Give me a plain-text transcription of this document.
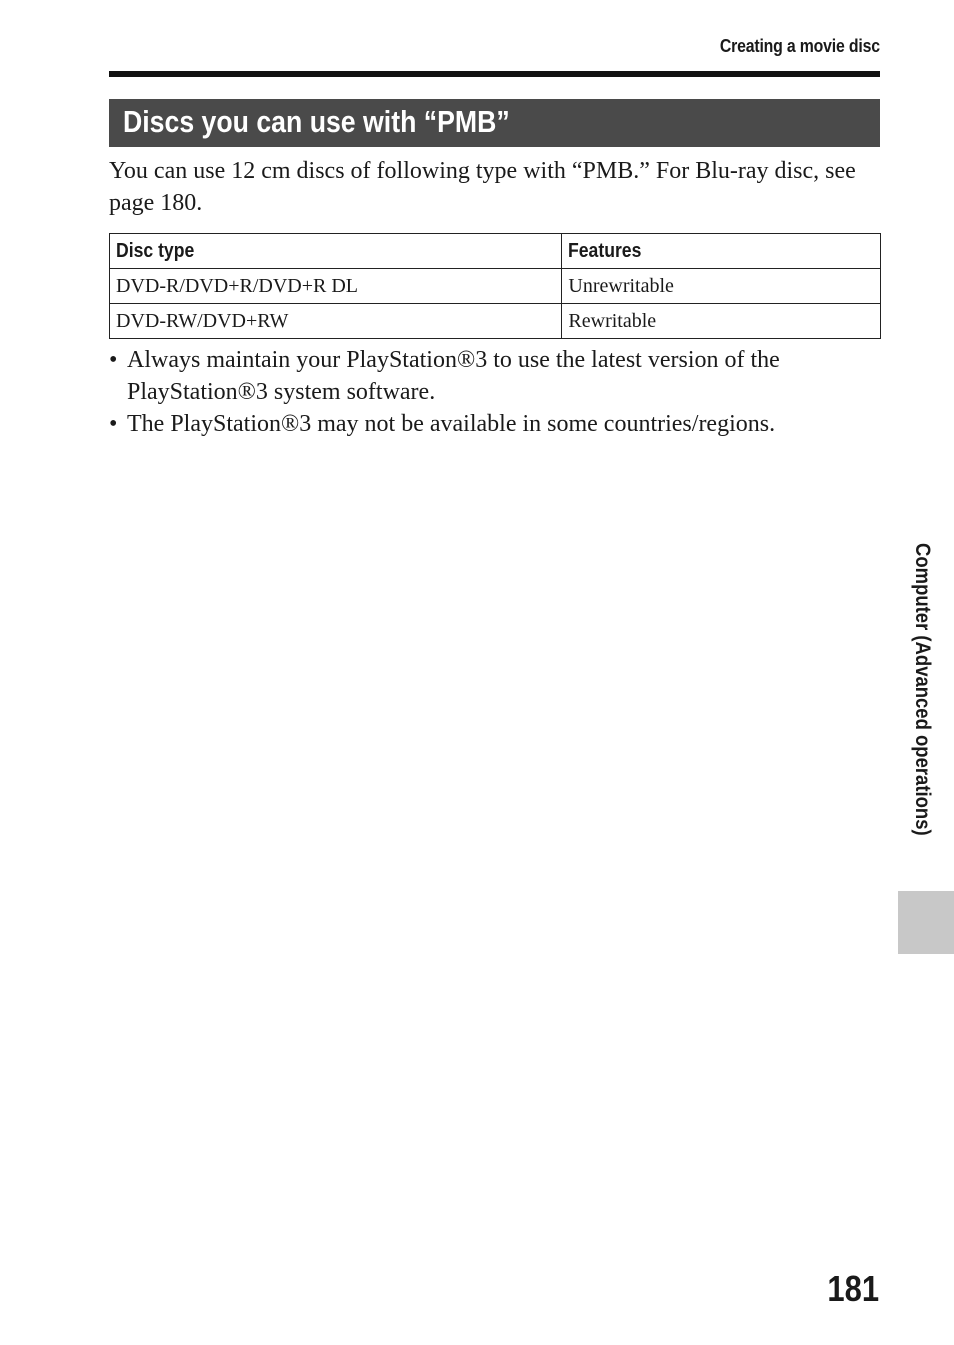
Creating a movie disc
Discs you can use with “PMB”

You can use 12 cm discs of following type with “PMB.” For Blu-ray disc, see page 180.

Disc type	Features
DVD-R/DVD+R/DVD+R DL	Unrewritable
DVD-RW/DVD+RW	Rewritable
• Always maintain your PlayStation®3 to use the latest version of the PlayStation®3 system software.
• The PlayStation®3 may not be available in some countries/regions.
Computer (Advanced operations)
181
